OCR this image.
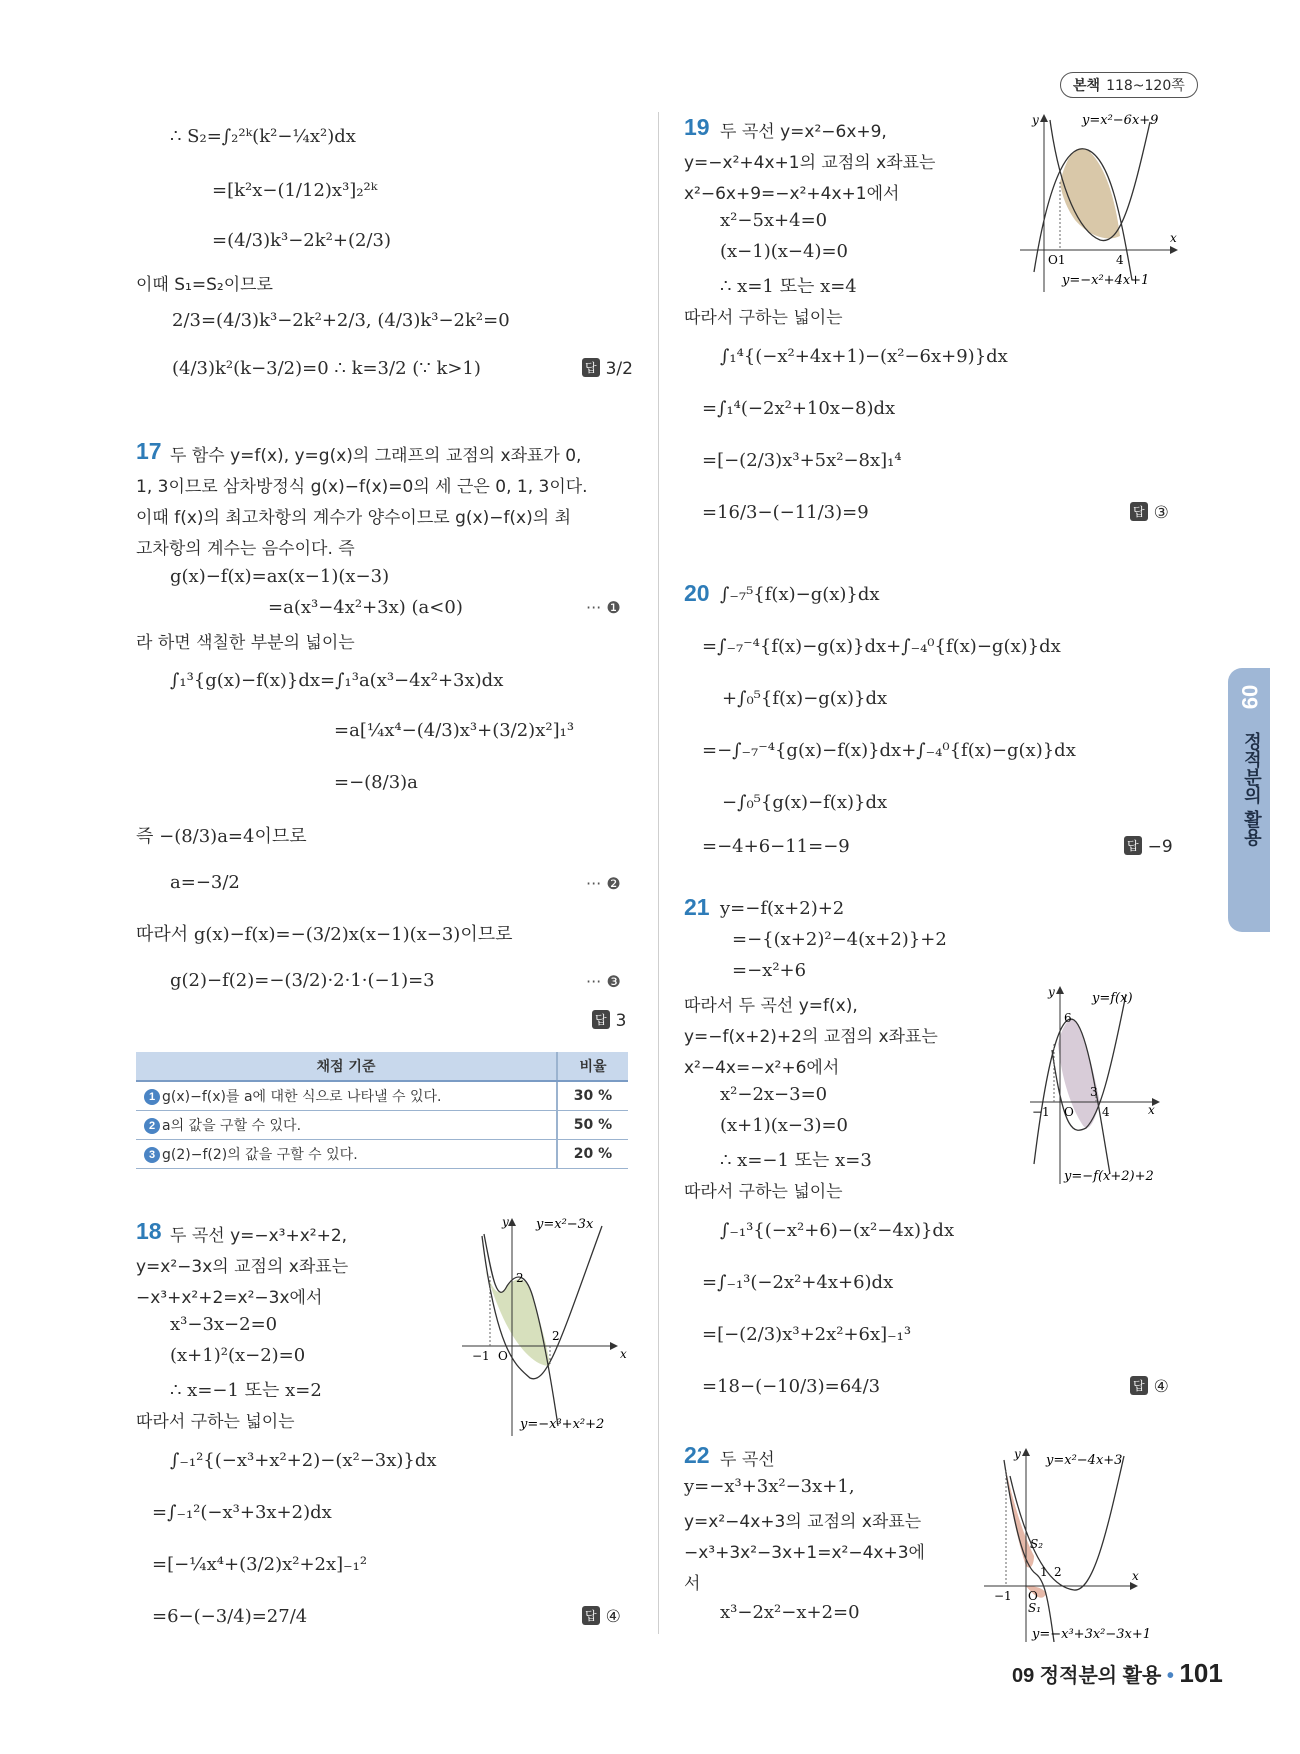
본책 118~120쪽
09
정적분의 활용
∴ S₂=∫₂²ᵏ(k²−¼x²)dx
=[k²x−(1/12)x³]₂²ᵏ
=(4/3)k³−2k²+(2/3)
이때 S₁=S₂이므로
2/3=(4/3)k³−2k²+2/3, (4/3)k³−2k²=0
(4/3)k²(k−3/2)=0 ∴ k=3/2 (∵ k>1)	답 3/2
17 두 함수 y=f(x), y=g(x)의 그래프의 교점의 x좌표가 0,
1, 3이므로 삼차방정식 g(x)−f(x)=0의 세 근은 0, 1, 3이다.
이때 f(x)의 최고차항의 계수가 양수이므로 g(x)−f(x)의 최
고차항의 계수는 음수이다. 즉
g(x)−f(x)=ax(x−1)(x−3)
=a(x³−4x²+3x) (a<0)	··· ❶
라 하면 색칠한 부분의 넓이는
∫₁³{g(x)−f(x)}dx=∫₁³a(x³−4x²+3x)dx
=a[¼x⁴−(4/3)x³+(3/2)x²]₁³
=−(8/3)a
즉 −(8/3)a=4이므로
a=−3/2	··· ❷
따라서 g(x)−f(x)=−(3/2)x(x−1)(x−3)이므로
g(2)−f(2)=−(3/2)·2·1·(−1)=3	··· ❸
답 3
채점 기준	비율
1 g(x)−f(x)를 a에 대한 식으로 나타낼 수 있다.	30 %
2 a의 값을 구할 수 있다.	50 %
3 g(2)−f(2)의 값을 구할 수 있다.	20 %
18 두 곡선 y=−x³+x²+2,
y=x²−3x의 교점의 x좌표는
−x³+x²+2=x²−3x에서
x³−3x−2=0
(x+1)²(x−2)=0
∴ x=−1 또는 x=2
따라서 구하는 넓이는
∫₋₁²{(−x³+x²+2)−(x²−3x)}dx
=∫₋₁²(−x³+3x+2)dx
=[−¼x⁴+(3/2)x²+2x]₋₁²
=6−(−3/4)=27/4	답 ④
y
x
O
−1
2
2
y=x²−3x
y=−x³+x²+2
19 두 곡선 y=x²−6x+9,
y=−x²+4x+1의 교점의 x좌표는
x²−6x+9=−x²+4x+1에서
x²−5x+4=0
(x−1)(x−4)=0
∴ x=1 또는 x=4
따라서 구하는 넓이는
∫₁⁴{(−x²+4x+1)−(x²−6x+9)}dx
=∫₁⁴(−2x²+10x−8)dx
=[−(2/3)x³+5x²−8x]₁⁴
=16/3−(−11/3)=9	답 ③
y
x
O1	4
y=x²−6x+9
y=−x²+4x+1
20 ∫₋₇⁵{f(x)−g(x)}dx
=∫₋₇⁻⁴{f(x)−g(x)}dx+∫₋₄⁰{f(x)−g(x)}dx
+∫₀⁵{f(x)−g(x)}dx
=−∫₋₇⁻⁴{g(x)−f(x)}dx+∫₋₄⁰{f(x)−g(x)}dx
−∫₀⁵{g(x)−f(x)}dx
=−4+6−11=−9	답 −9
21 y=−f(x+2)+2
=−{(x+2)²−4(x+2)}+2
=−x²+6
따라서 두 곡선 y=f(x),
y=−f(x+2)+2의 교점의 x좌표는
x²−4x=−x²+6에서
x²−2x−3=0
(x+1)(x−3)=0
∴ x=−1 또는 x=3
따라서 구하는 넓이는
∫₋₁³{(−x²+6)−(x²−4x)}dx
=∫₋₁³(−2x²+4x+6)dx
=[−(2/3)x³+2x²+6x]₋₁³
=18−(−10/3)=64/3	답 ④
y
x
6
−1 O
3
4
y=f(x)
y=−f(x+2)+2
22 두 곡선
y=−x³+3x²−3x+1,
y=x²−4x+3의 교점의 x좌표는
−x³+3x²−3x+1=x²−4x+3에
서
x³−2x²−x+2=0
y
x
S₂
S₁
−1 O
1 2
y=x²−4x+3
y=−x³+3x²−3x+1
09 정적분의 활용 • 101
